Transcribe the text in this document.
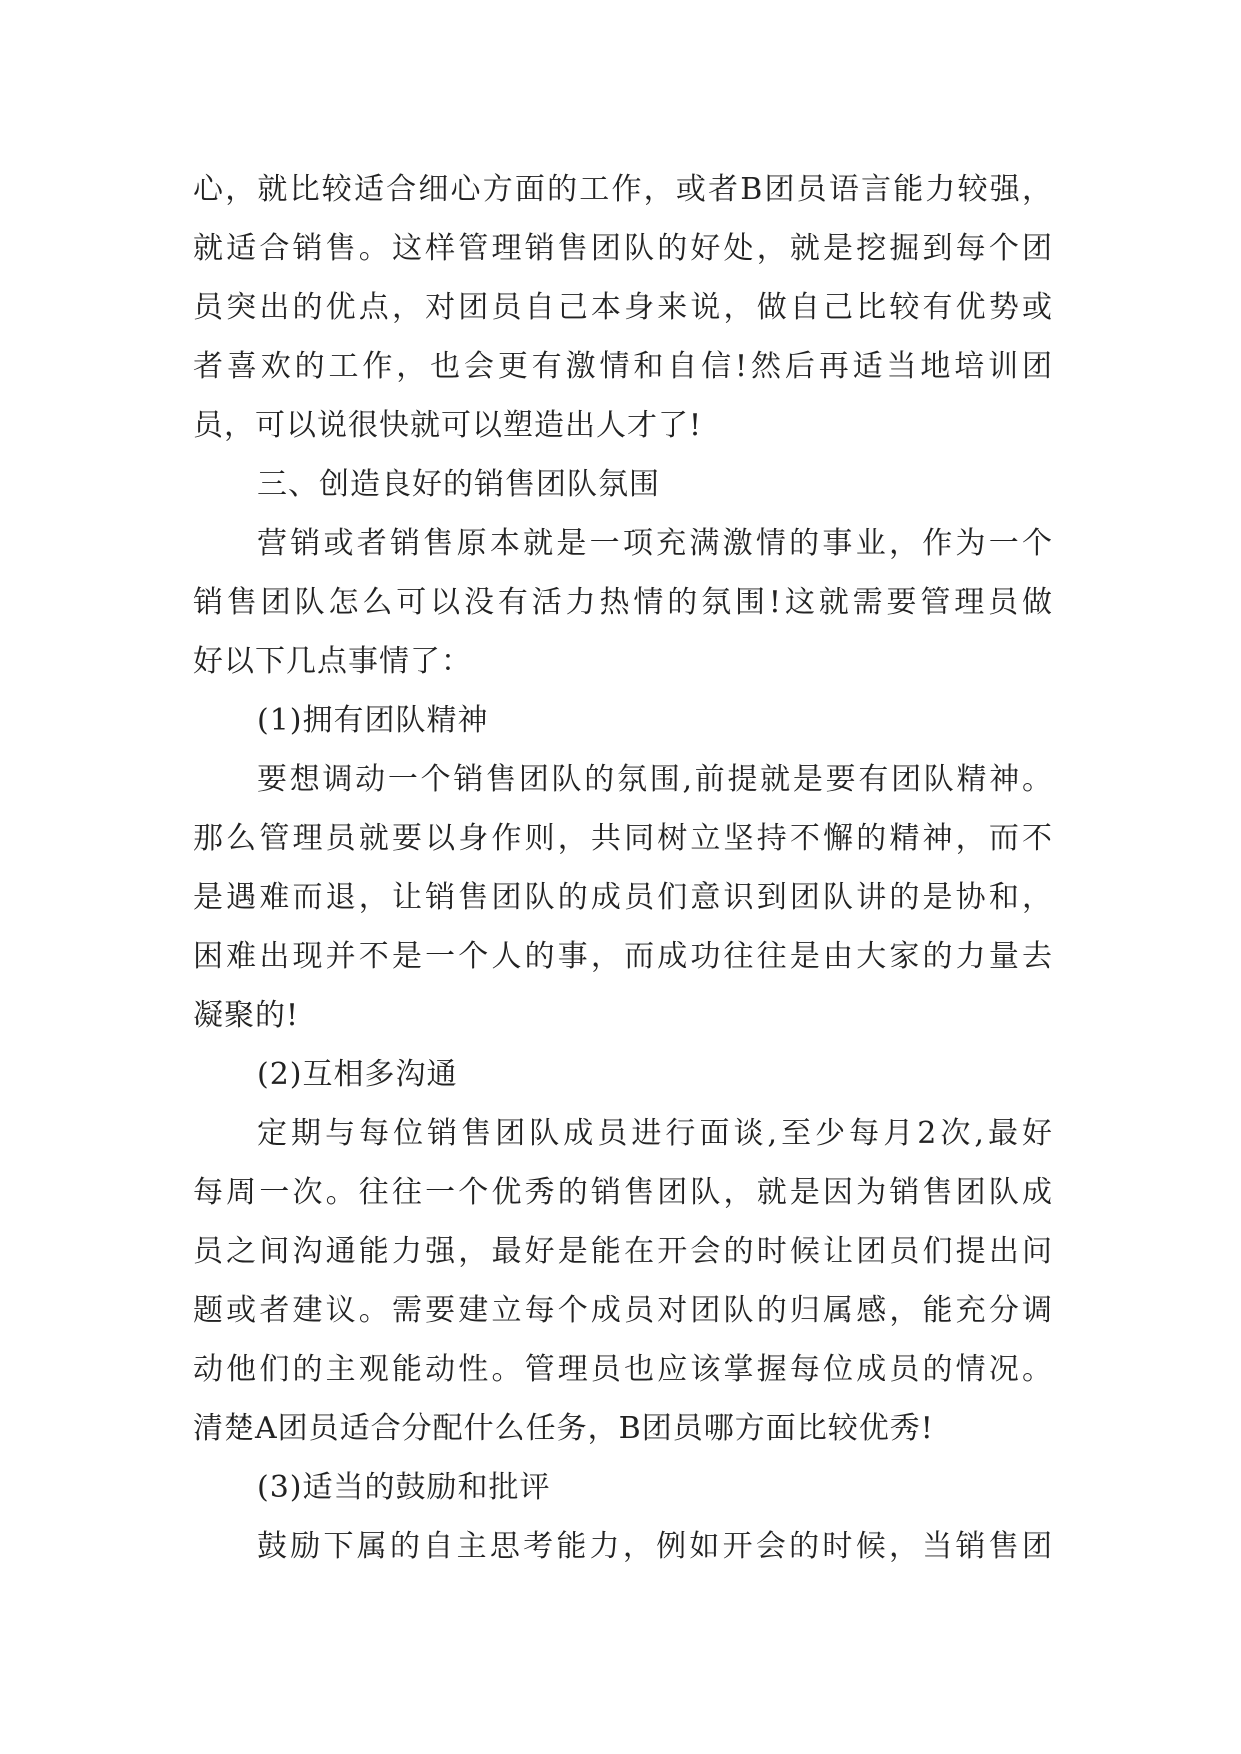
心，就比较适合细心方面的工作，或者B团员语言能力较强，
就适合销售。这样管理销售团队的好处，就是挖掘到每个团
员突出的优点，对团员自己本身来说，做自己比较有优势或
者喜欢的工作，也会更有激情和自信!然后再适当地培训团
员，可以说很快就可以塑造出人才了!
三、创造良好的销售团队氛围
营销或者销售原本就是一项充满激情的事业，作为一个
销售团队怎么可以没有活力热情的氛围!这就需要管理员做
好以下几点事情了：
(1)拥有团队精神
要想调动一个销售团队的氛围,前提就是要有团队精神。
那么管理员就要以身作则，共同树立坚持不懈的精神，而不
是遇难而退，让销售团队的成员们意识到团队讲的是协和，
困难出现并不是一个人的事，而成功往往是由大家的力量去
凝聚的!
(2)互相多沟通
定期与每位销售团队成员进行面谈,至少每月2次,最好
每周一次。往往一个优秀的销售团队，就是因为销售团队成
员之间沟通能力强，最好是能在开会的时候让团员们提出问
题或者建议。需要建立每个成员对团队的归属感，能充分调
动他们的主观能动性。管理员也应该掌握每位成员的情况。
清楚A团员适合分配什么任务，B团员哪方面比较优秀!
(3)适当的鼓励和批评
鼓励下属的自主思考能力，例如开会的时候，当销售团
